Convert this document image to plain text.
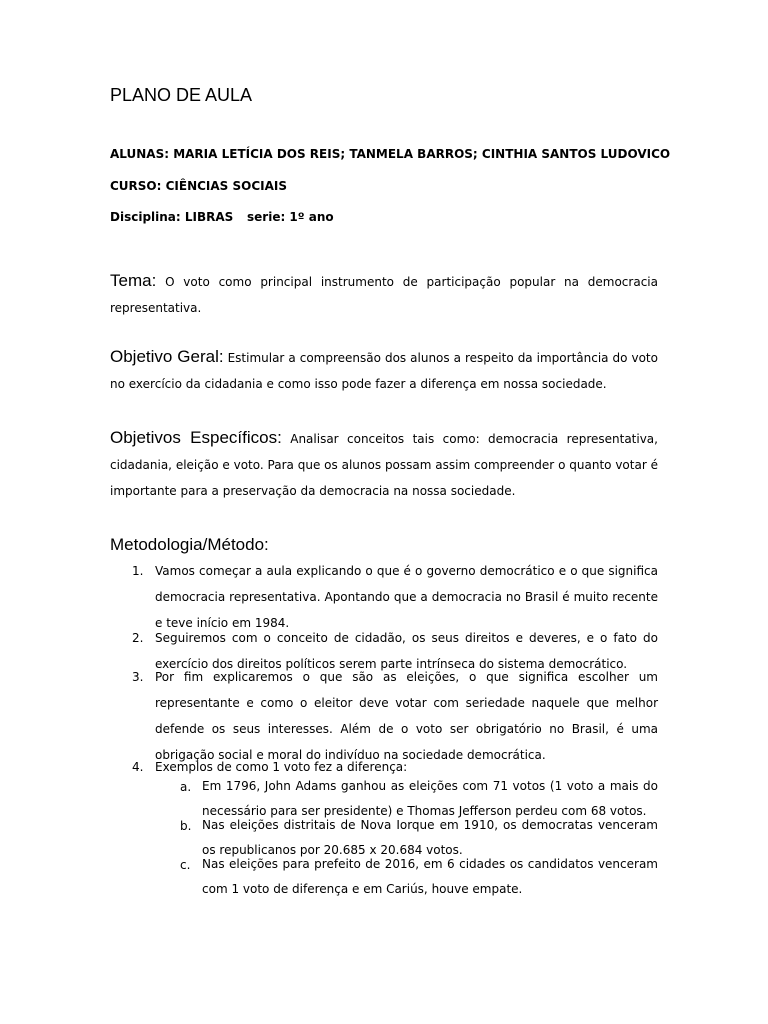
PLANO DE AULA
ALUNAS: MARIA LETÍCIA DOS REIS; TANMELA BARROS; CINTHIA SANTOS LUDOVICO
CURSO: CIÊNCIAS SOCIAIS
Disciplina: LIBRAS serie: 1º ano
Tema: O voto como principal instrumento de participação popular na democracia representativa.
Objetivo Geral: Estimular a compreensão dos alunos a respeito da importância do voto no exercício da cidadania e como isso pode fazer a diferença em nossa sociedade.
Objetivos Específicos: Analisar conceitos tais como: democracia representativa, cidadania, eleição e voto. Para que os alunos possam assim compreender o quanto votar é importante para a preservação da democracia na nossa sociedade.
Metodologia/Método:
1. Vamos começar a aula explicando o que é o governo democrático e o que significa democracia representativa. Apontando que a democracia no Brasil é muito recente e teve início em 1984.
2. Seguiremos com o conceito de cidadão, os seus direitos e deveres, e o fato do exercício dos direitos políticos serem parte intrínseca do sistema democrático.
3. Por fim explicaremos o que são as eleições, o que significa escolher um representante e como o eleitor deve votar com seriedade naquele que melhor defende os seus interesses. Além de o voto ser obrigatório no Brasil, é uma obrigação social e moral do indivíduo na sociedade democrática.
4. Exemplos de como 1 voto fez a diferença:
a. Em 1796, John Adams ganhou as eleições com 71 votos (1 voto a mais do necessário para ser presidente) e Thomas Jefferson perdeu com 68 votos.
b. Nas eleições distritais de Nova Iorque em 1910, os democratas venceram os republicanos por 20.685 x 20.684 votos.
c. Nas eleições para prefeito de 2016, em 6 cidades os candidatos venceram com 1 voto de diferença e em Cariús, houve empate.
